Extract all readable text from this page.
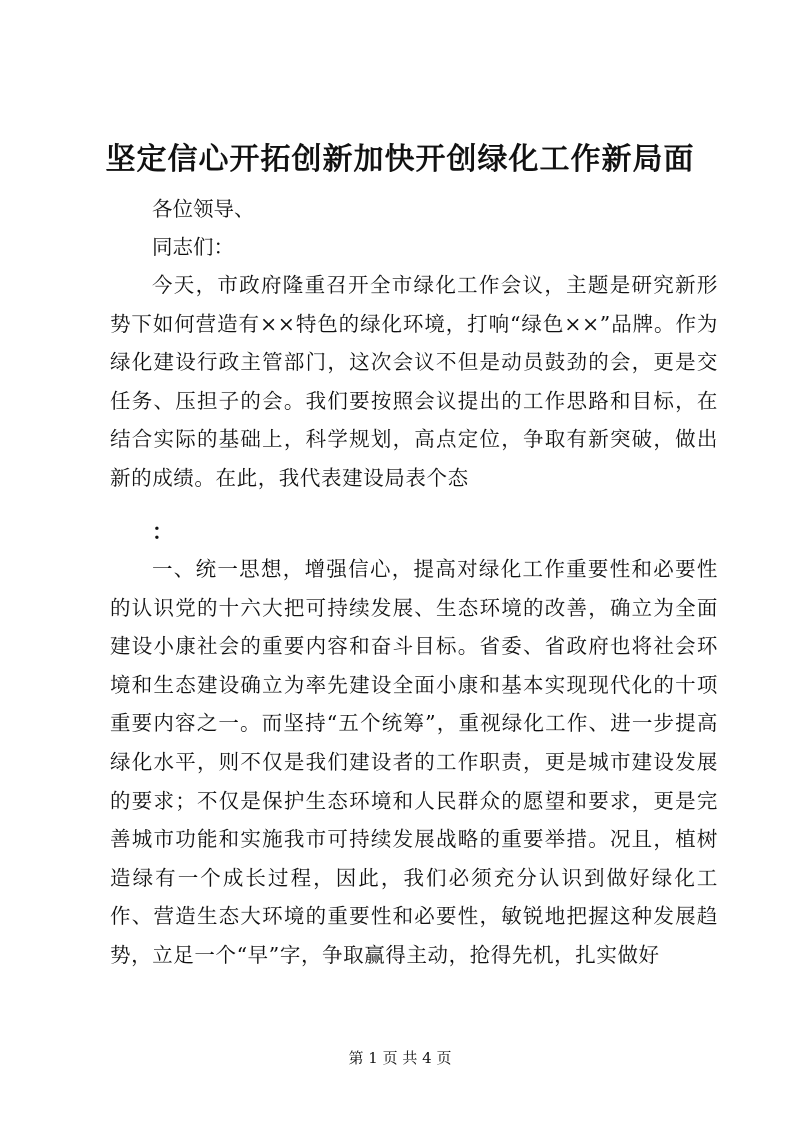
坚定信心开拓创新加快开创绿化工作新局面

各位领导、

同志们：

今天，市政府隆重召开全市绿化工作会议，主题是研究新形势下如何营造有××特色的绿化环境，打响“绿色××”品牌。作为绿化建设行政主管部门，这次会议不但是动员鼓劲的会，更是交任务、压担子的会。我们要按照会议提出的工作思路和目标，在结合实际的基础上，科学规划，高点定位，争取有新突破，做出新的成绩。在此，我代表建设局表个态

：

一、统一思想，增强信心，提高对绿化工作重要性和必要性的认识党的十六大把可持续发展、生态环境的改善，确立为全面建设小康社会的重要内容和奋斗目标。省委、省政府也将社会环境和生态建设确立为率先建设全面小康和基本实现现代化的十项重要内容之一。而坚持“五个统筹”，重视绿化工作、进一步提高绿化水平，则不仅是我们建设者的工作职责，更是城市建设发展的要求；不仅是保护生态环境和人民群众的愿望和要求，更是完善城市功能和实施我市可持续发展战略的重要举措。况且，植树造绿有一个成长过程，因此，我们必须充分认识到做好绿化工作、营造生态大环境的重要性和必要性，敏锐地把握这种发展趋势，立足一个“早”字，争取赢得主动，抢得先机，扎实做好

第 1 页 共 4 页
